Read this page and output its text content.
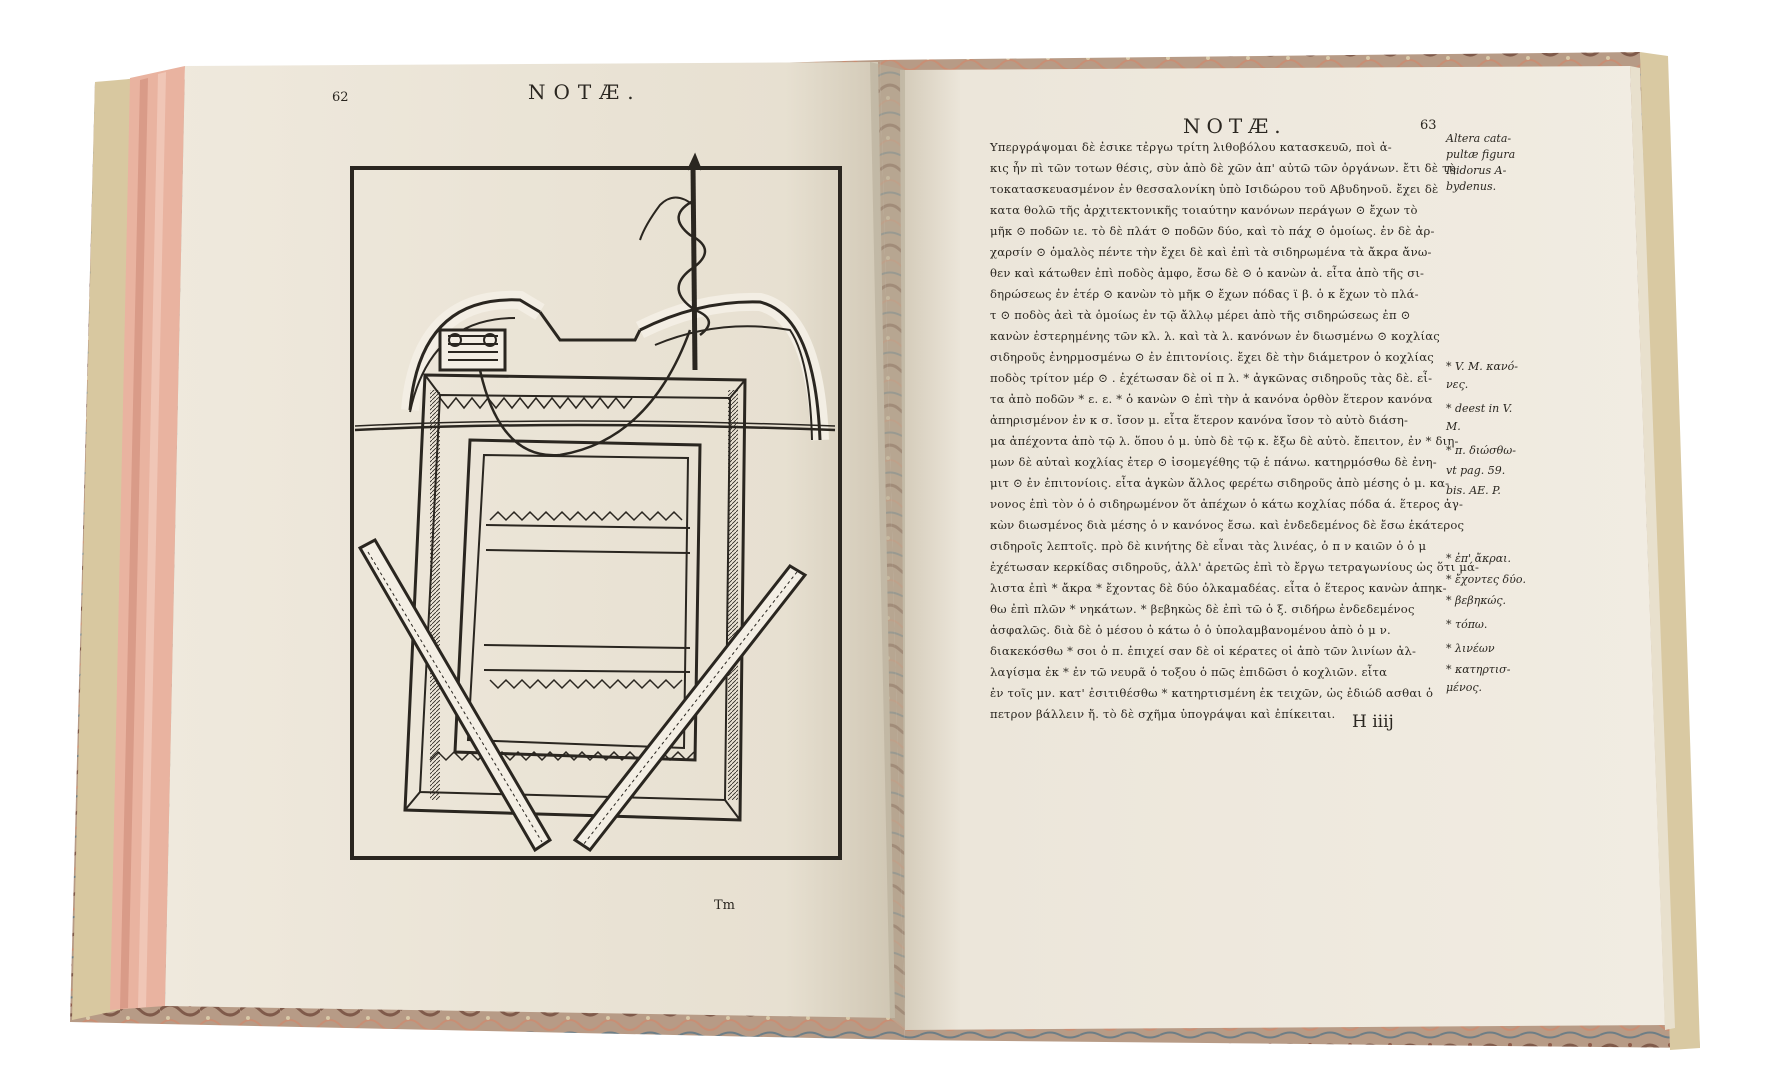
62	NOTÆ.
Tm
NOTÆ.	63
Υπεργράψομαι δὲ ἐσικε τἐργω τρίτη λιθοβόλου κατασκευῶ, ποὶ ἀ-
κις ἦν πὶ τῶν τοτων θέσις, σὺν ἀπὸ δὲ χῶν ἀπ' αὐτῶ τῶν ὀργάνων. ἔτι δὲ τὴ
τοκατασκευασμένον ἐν θεσσαλονίκη ὑπὸ Ισιδώρου τοῦ Αβυδηνοῦ. ἔχει δὲ
κατα θολῶ τῆς ἀρχιτεκτονικῆς τοιαύτην κανόνων περάγων ⊙ ἔχων τὸ
μῆκ ⊙ ποδῶν ιε. τὸ δὲ πλάτ ⊙ ποδῶν δύο, καὶ τὸ πάχ ⊙ ὁμοίως. ἐν δὲ ἀρ-
χαρσίν ⊙ ὁμαλὸς πέντε τὴν ἔχει δὲ καὶ ἐπὶ τὰ σιδηρωμένα τὰ ἄκρα ἄνω-
θεν καὶ κάτωθεν ἐπὶ ποδὸς ἀμφο, ἔσω δὲ ⊙ ὁ κανὼν ἀ. εἶτα ἀπὸ τῆς σι-
δηρώσεως ἐν ἑτέρ ⊙ κανὼν τὸ μῆκ ⊙ ἔχων πόδας ϊ β. ὁ κ ἔχων τὸ πλά-
τ ⊙ ποδὸς ἀεὶ τὰ ὁμοίως ἐν τῷ ἄλλῳ μέρει ἀπὸ τῆς σιδηρώσεως ἐπ ⊙
κανὼν ἐστερημένης τῶν κλ. λ. καὶ τὰ λ. κανόνων ἐν διωσμένω ⊙ κοχλίας
σιδηροῦς ἐνηρμοσμένω ⊙ ἐν ἐπιτονίοις. ἔχει δὲ τὴν διάμετρον ὁ κοχλίας
ποδὸς τρίτον μέρ ⊙ . ἐχέτωσαν δὲ οἱ π λ. * ἀγκῶνας σιδηροῦς τὰς δὲ. εἶ-
τα ἀπὸ ποδῶν * ε. ε. * ὁ κανὼν ⊙ ἐπὶ τὴν ἀ κανόνα ὀρθὸν ἕτερον κανόνα
ἀπηρισμένον ἐν κ σ. ἴσον μ. εἶτα ἕτερον κανόνα ἴσον τὸ αὐτὸ διάση-
μα ἀπέχοντα ἀπὸ τῷ λ. ὅπου ὁ μ. ὑπὸ δὲ τῷ κ. ἔξω δὲ αὐτὸ. ἔπειτον, ἐν * διη-
μων δὲ αὐταὶ κοχλίας ἐτερ ⊙ ἰσομεγέθης τῷ ἑ πάνω. κατηρμόσθω δὲ ἐνη-
μιτ ⊙ ἐν ἐπιτονίοις. εἶτα ἀγκὼν ἄλλος φερέτω σιδηροῦς ἀπὸ μέσης ὁ μ. κα-
νονος ἐπὶ τὸν ὁ ὁ σιδηρωμένον ὅτ ἀπέχων ὁ κάτω κοχλίας πόδα ά. ἕτερος ἀγ-
κὼν διωσμένος διὰ μέσης ὁ ν κανόνος ἔσω. καὶ ἐνδεδεμένος δὲ ἔσω ἑκάτερος
σιδηροῖς λεπτοῖς. πρὸ δὲ κινήτης δὲ εἶναι τὰς λινέας, ὁ π ν καιῶν ὁ ὁ μ
ἐχέτωσαν κερκίδας σιδηροῦς, ἀλλ' ἀρετῶς ἐπὶ τὸ ἔργω τετραγωνίους ὡς ὅτι μά-
λιστα ἐπὶ * ἄκρα * ἔχοντας δὲ δύο ὀλκαμαδέας. εἶτα ὁ ἕτερος κανὼν ἀπηκ-
θω ἐπὶ πλῶν * νηκάτων. * βεβηκὼς δὲ ἐπὶ τῶ ὁ ξ. σιδήρω ἐνδεδεμένος
ἀσφαλῶς. διὰ δὲ ὁ μέσου ὁ κάτω ὁ ὁ ὑπολαμβανομένου ἀπὸ ὁ μ ν.
διακεκόσθω * σοι ὁ π. ἐπιχεί σαν δὲ οἱ κέρατες οἱ ἀπὸ τῶν λινίων ἀλ-
λαγίσμα ἐκ * ἐν τῶ νευρᾶ ὁ τοξου ὁ πῶς ἐπιδῶσι ὁ κοχλιῶν. εἶτα
ἐν τοῖς μν. κατ' ἐσιτιθέσθω * κατηρτισμένη ἐκ τειχῶν, ὡς ἐδιώδ ασθαι ὁ
πετρον βάλλειν ἤ. τὸ δὲ σχῆμα ὑπογράψαι καὶ ἐπίκειται.
Altera cata-
pultæ figura
Isidorus A-
bydenus.
* V. M. κανό-
νες.
* deest in V.
M.
* π. διώσθω-
vt pag. 59.
bis. AE. P.
* ἐπ' ἄκραι.
* ἔχοντες δύο.
* βεβηκώς.
* τόπω.
* λινέων
* κατηρτισ-
μένος.
H iiij
